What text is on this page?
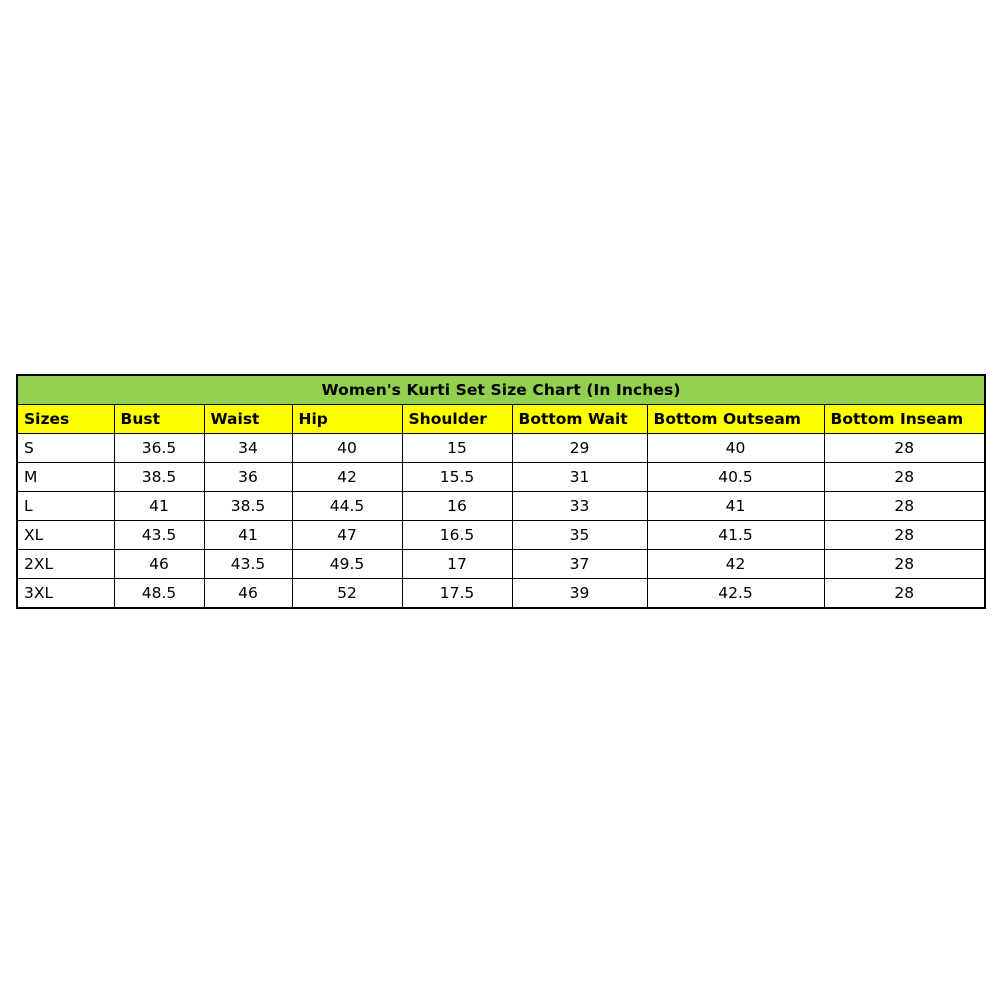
Women's Kurti Set Size Chart (In Inches)							
Sizes	Bust	Waist	Hip	Shoulder	Bottom Wait	Bottom Outseam	Bottom Inseam
S	36.5	34	40	15	29	40	28
M	38.5	36	42	15.5	31	40.5	28
L	41	38.5	44.5	16	33	41	28
XL	43.5	41	47	16.5	35	41.5	28
2XL	46	43.5	49.5	17	37	42	28
3XL	48.5	46	52	17.5	39	42.5	28
